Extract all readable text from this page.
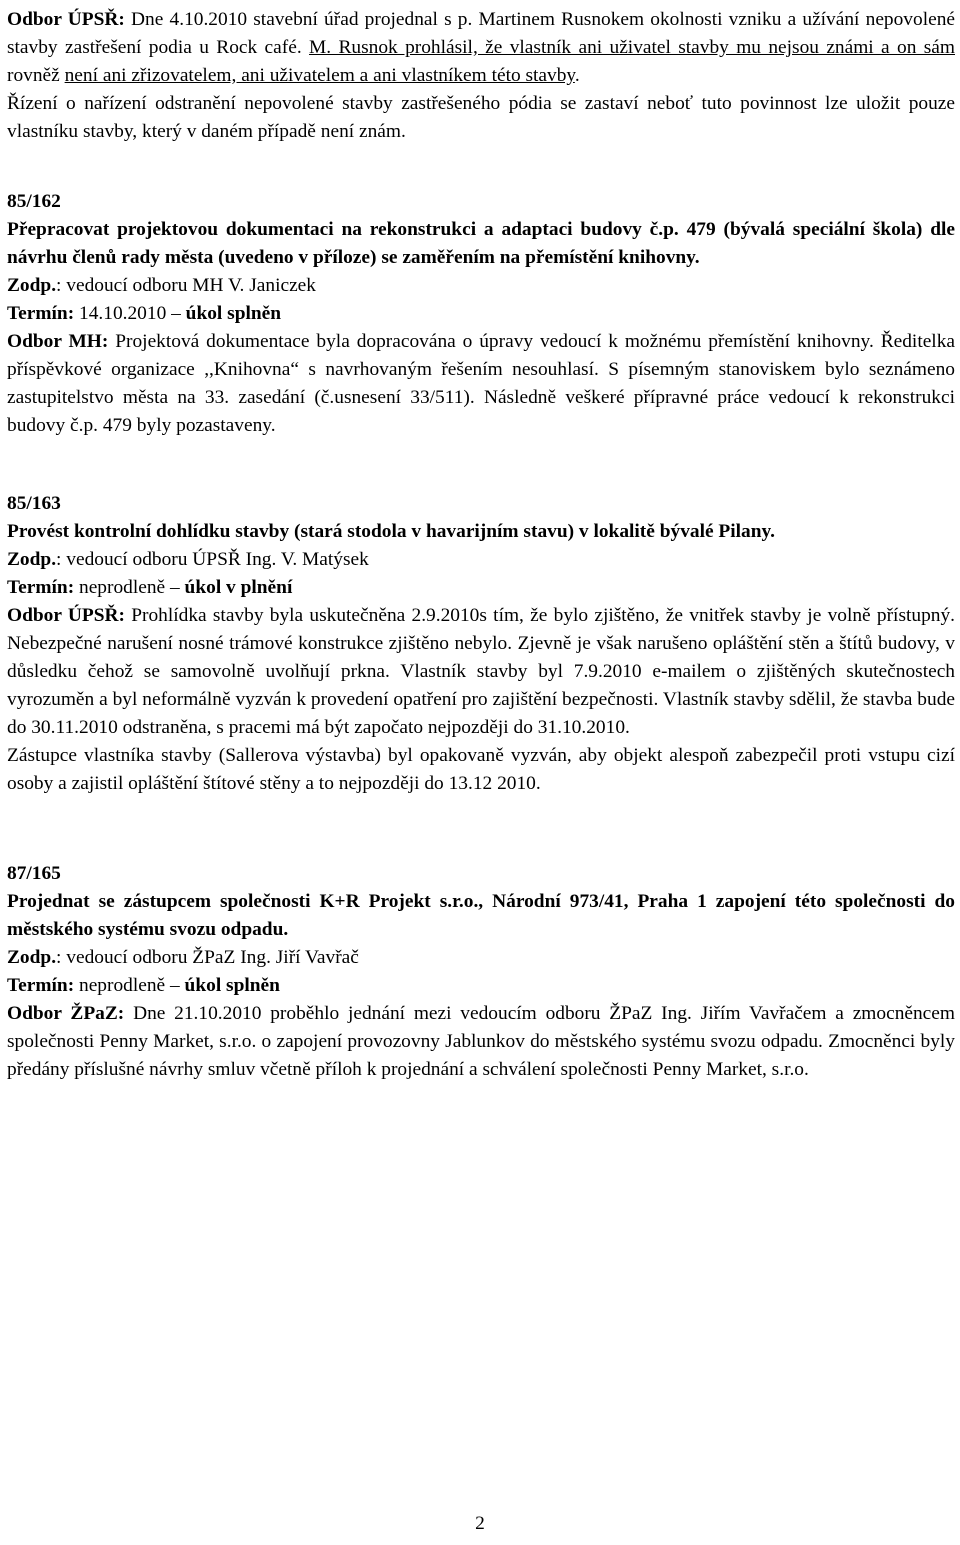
Odbor ÚPSŘ: Dne 4.10.2010 stavební úřad projednal s p. Martinem Rusnokem okolnosti vzniku a užívání nepovolené stavby zastřešení podia u Rock café. M. Rusnok prohlásil, že vlastník ani uživatel stavby mu nejsou známi a on sám rovněž není ani zřizovatelem, ani uživatelem a ani vlastníkem této stavby.

Řízení o nařízení odstranění nepovolené stavby zastřešeného pódia se zastaví neboť tuto povinnost lze uložit pouze vlastníku stavby, který v daném případě není znám.

85/162

Přepracovat projektovou dokumentaci na rekonstrukci a adaptaci budovy č.p. 479 (bývalá speciální škola) dle návrhu členů rady města (uvedeno v příloze) se zaměřením na přemístění knihovny.

Zodp.: vedoucí odboru MH V. Janiczek

Termín: 14.10.2010 – úkol splněn

Odbor MH: Projektová dokumentace byla dopracována o úpravy vedoucí k možnému přemístění knihovny. Ředitelka příspěvkové organizace ,,Knihovna“ s navrhovaným řešením nesouhlasí. S písemným stanoviskem bylo seznámeno zastupitelstvo města na 33. zasedání (č.usnesení 33/511). Následně veškeré přípravné práce vedoucí k rekonstrukci budovy č.p. 479 byly pozastaveny.

85/163

Provést kontrolní dohlídku stavby (stará stodola v havarijním stavu) v lokalitě bývalé Pilany.

Zodp.: vedoucí odboru ÚPSŘ Ing. V. Matýsek

Termín: neprodleně – úkol v plnění

Odbor ÚPSŘ: Prohlídka stavby byla uskutečněna 2.9.2010s tím, že bylo zjištěno, že vnitřek stavby je volně přístupný. Nebezpečné narušení nosné trámové konstrukce zjištěno nebylo. Zjevně je však narušeno opláštění stěn a štítů budovy, v důsledku čehož se samovolně uvolňují prkna. Vlastník stavby byl 7.9.2010 e-mailem o zjištěných skutečnostech vyrozuměn a byl neformálně vyzván k provedení opatření pro zajištění bezpečnosti. Vlastník stavby sdělil, že stavba bude do 30.11.2010 odstraněna, s pracemi má být započato nejpozději do 31.10.2010.

Zástupce vlastníka stavby (Sallerova výstavba) byl opakovaně vyzván, aby objekt alespoň zabezpečil proti vstupu cizí osoby a zajistil opláštění štítové stěny a to nejpozději do 13.12 2010.

87/165

Projednat se zástupcem společnosti K+R Projekt s.r.o., Národní 973/41, Praha 1 zapojení této společnosti do městského systému svozu odpadu.

Zodp.: vedoucí odboru ŽPaZ Ing. Jiří Vavřač

Termín: neprodleně – úkol splněn

Odbor ŽPaZ: Dne 21.10.2010 proběhlo jednání mezi vedoucím odboru ŽPaZ Ing. Jiřím Vavřačem a zmocněncem společnosti Penny Market, s.r.o. o zapojení provozovny Jablunkov do městského systému svozu odpadu. Zmocněnci byly předány příslušné návrhy smluv včetně příloh k projednání a schválení společnosti Penny Market, s.r.o.

2
